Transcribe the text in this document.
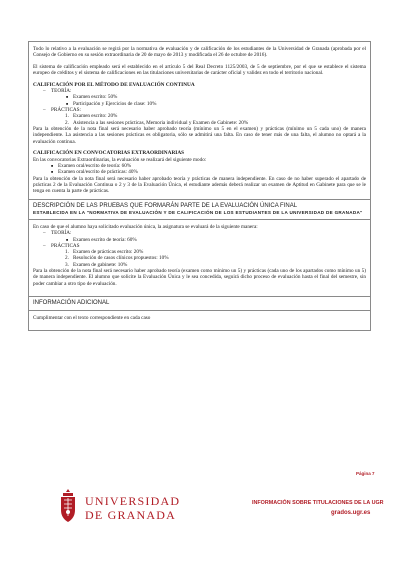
Todo lo relativo a la evaluación se regirá por la normativa de evaluación y de calificación de los estudiantes de la Universidad de Granada (aprobada por el Consejo de Gobierno en su sesión extraordinaria de 20 de mayo de 2013 y modificada el 26 de octubre de 2016).

El sistema de calificación empleado será el establecido en el artículo 5 del Real Decreto 1125/2003, de 5 de septiembre, por el que se establece el sistema europeo de créditos y el sistema de calificaciones en las titulaciones universitarias de carácter oficial y validez en todo el territorio nacional.

CALIFICACIÓN POR EL MÉTODO DE EVALUACIÓN CONTINUA

– TEORÍA:
■ Examen escrito: 50%
■ Participación y Ejercicios de clase: 10%
– PRÁCTICAS:
1. Examen escrito: 20%
2. Asistencia a las sesiones prácticas, Memoria individual y Examen de Gabinete: 20%

Para la obtención de la nota final será necesario haber aprobado teoría (mínimo un 5 en el examen) y prácticas (mínimo un 5 cada uno) de manera independiente. La asistencia a las sesiones prácticas es obligatoria, sólo se admitirá una falta. En caso de tener más de una falta, el alumno no optará a la evaluación continua.

CALIFICACIÓN EN CONVOCATORIAS EXTRAORDINARIAS

En las convocatorias Extraordinarias, la evaluación se realizará del siguiente modo:

■ Examen oral/escrito de teoría: 60%
■ Examen oral/escrito de prácticas: 40%

Para la obtención de la nota final será necesario haber aprobado teoría y prácticas de manera independiente. En caso de no haber superado el apartado de prácticas 2 de la Evaluación Continua o 2 y 3 de la Evaluación Única, el estudiante además deberá realizar un examen de Aptitud en Gabinete para que se le tenga en cuenta la parte de prácticas.

DESCRIPCIÓN DE LAS PRUEBAS QUE FORMARÁN PARTE DE LA EVALUACIÓN ÚNICA FINAL

ESTABLECIDA EN LA "NORMATIVA DE EVALUACIÓN Y DE CALIFICACIÓN DE LOS ESTUDIANTES DE LA UNIVERSIDAD DE GRANADA"

En caso de que el alumno haya solicitado evaluación única, la asignatura se evaluará de la siguiente manera:

– TEORÍA:
■ Examen escrito de teoría: 60%
– PRÁCTICAS
1. Examen de prácticas escrito: 20%
2. Resolución de casos clínicos propuestos: 10%
3. Examen de gabinete: 10%

Para la obtención de la nota final será necesario haber aprobado teoría (examen como mínimo un 5) y prácticas (cada uno de los apartados como mínimo un 5) de manera independiente. El alumno que solicite la Evaluación Única y le sea concedida, seguirá dicho proceso de evaluación hasta el final del semestre, sin poder cambiar a otro tipo de evaluación.

INFORMACIÓN ADICIONAL

Cumplimentar con el texto correspondiente en cada caso

Página 7
UNIVERSIDAD
DE GRANADA
INFORMACIÓN SOBRE TITULACIONES DE LA UGR
grados.ugr.es
